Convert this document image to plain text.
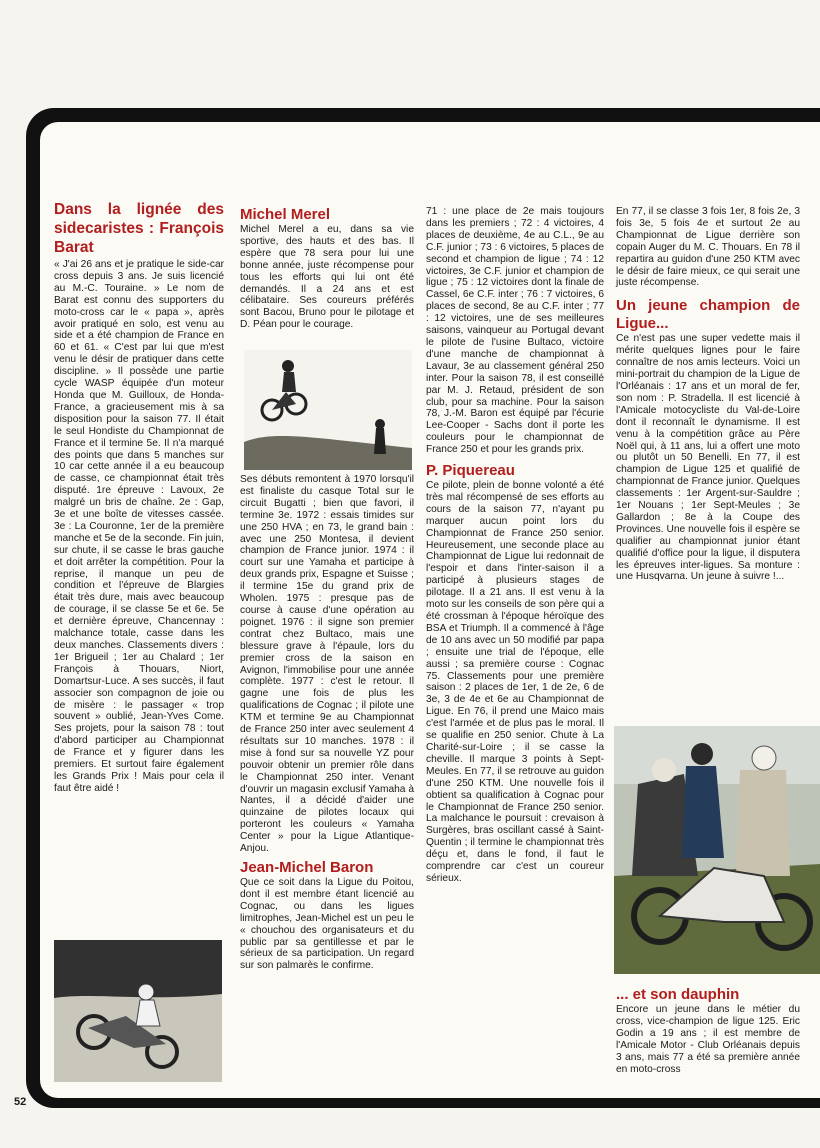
Dans la lignée des sidecaristes : François Barat

« J'ai 26 ans et je pratique le side-car cross depuis 3 ans. Je suis licencié au M.-C. Touraine. » Le nom de Barat est connu des supporters du moto-cross car le « papa », après avoir pratiqué en solo, est venu au side et a été champion de France en 60 et 61. « C'est par lui que m'est venu le désir de pratiquer dans cette discipline. » Il possède une partie cycle WASP équipée d'un moteur Honda que M. Guilloux, de Honda-France, a gracieusement mis à sa disposition pour la saison 77. Il était le seul Hondiste du Championnat de France et il termine 5e. Il n'a marqué des points que dans 5 manches sur 10 car cette année il a eu beaucoup de casse, ce championnat était très disputé. 1re épreuve : Lavoux, 2e malgré un bris de chaîne. 2e : Gap, 3e et une boîte de vitesses cassée. 3e : La Couronne, 1er de la première manche et 5e de la seconde. Fin juin, sur chute, il se casse le bras gauche et doit arrêter la compétition. Pour la reprise, il manque un peu de condition et l'épreuve de Blargies était très dure, mais avec beaucoup de courage, il se classe 5e et 6e. 5e et dernière épreuve, Chancennay : malchance totale, casse dans les deux manches. Classements divers : 1er Brigueil ; 1er au Chalard ; 1er François à Thouars, Niort, Domartsur-Luce. A ses succès, il faut associer son compagnon de joie ou de misère : le passager « trop souvent » oublié, Jean-Yves Come. Ses projets, pour la saison 78 : tout d'abord participer au Championnat de France et y figurer dans les premiers. Et surtout faire également les Grands Prix ! Mais pour cela il faut être aidé !

Michel Merel

Michel Merel a eu, dans sa vie sportive, des hauts et des bas. Il espère que 78 sera pour lui une bonne année, juste récompense pour tous les efforts qui lui ont été demandés. Il a 24 ans et est célibataire. Ses coureurs préférés sont Bacou, Bruno pour le pilotage et D. Péan pour le courage.

Ses débuts remontent à 1970 lorsqu'il est finaliste du casque Total sur le circuit Bugatti ; bien que favori, il termine 3e. 1972 : essais timides sur une 250 HVA ; en 73, le grand bain : avec une 250 Montesa, il devient champion de France junior. 1974 : il court sur une Yamaha et participe à deux grands prix, Espagne et Suisse ; il termine 15e du grand prix de Wholen. 1975 : presque pas de course à cause d'une opération au poignet. 1976 : il signe son premier contrat chez Bultaco, mais une blessure grave à l'épaule, lors du premier cross de la saison en Avignon, l'immobilise pour une année complète. 1977 : c'est le retour. Il gagne une fois de plus les qualifications de Cognac ; il pilote une KTM et termine 9e au Championnat de France 250 inter avec seulement 4 résultats sur 10 manches. 1978 : il mise à fond sur sa nouvelle YZ pour pouvoir obtenir un premier rôle dans le Championnat 250 inter. Venant d'ouvrir un magasin exclusif Yamaha à Nantes, il a décidé d'aider une quinzaine de pilotes locaux qui porteront les couleurs « Yamaha Center » pour la Ligue Atlantique-Anjou.

Jean-Michel Baron

Que ce soit dans la Ligue du Poitou, dont il est membre étant licencié au Cognac, ou dans les ligues limitrophes, Jean-Michel est un peu le « chouchou des organisateurs et du public par sa gentillesse et par le sérieux de sa participation. Un regard sur son palmarès le confirme.

71 : une place de 2e mais toujours dans les premiers ; 72 : 4 victoires, 4 places de deuxième, 4e au C.L., 9e au C.F. junior ; 73 : 6 victoires, 5 places de second et champion de ligue ; 74 : 12 victoires, 3e C.F. junior et champion de ligue ; 75 : 12 victoires dont la finale de Cassel, 6e C.F. inter ; 76 : 7 victoires, 6 places de second, 8e au C.F. inter ; 77 : 12 victoires, une de ses meilleures saisons, vainqueur au Portugal devant le pilote de l'usine Bultaco, victoire d'une manche de championnat à Lavaur, 3e au classement général 250 inter. Pour la saison 78, il est conseillé par M. J. Retaud, président de son club, pour sa machine. Pour la saison 78, J.-M. Baron est équipé par l'écurie Lee-Cooper - Sachs dont il porte les couleurs pour le championnat de France 250 et pour les grands prix.

P. Piquereau

Ce pilote, plein de bonne volonté a été très mal récompensé de ses efforts au cours de la saison 77, n'ayant pu marquer aucun point lors du Championnat de France 250 senior. Heureusement, une seconde place au Championnat de Ligue lui redonnait de l'espoir et dans l'inter-saison il a participé à plusieurs stages de pilotage. Il a 21 ans. Il est venu à la moto sur les conseils de son père qui a été crossman à l'époque héroïque des BSA et Triumph. Il a commencé à l'âge de 10 ans avec un 50 modifié par papa ; ensuite une trial de l'époque, elle aussi ; sa première course : Cognac 75. Classements pour une première saison : 2 places de 1er, 1 de 2e, 6 de 3e, 3 de 4e et 6e au Championnat de Ligue. En 76, il prend une Maico mais c'est l'armée et de plus pas le moral. Il se qualifie en 250 senior. Chute à La Charité-sur-Loire ; il se casse la cheville. Il marque 3 points à Sept-Meules. En 77, il se retrouve au guidon d'une 250 KTM. Une nouvelle fois il obtient sa qualification à Cognac pour le Championnat de France 250 senior. La malchance le poursuit : crevaison à Surgères, bras oscillant cassé à Saint-Quentin ; il termine le championnat très déçu et, dans le fond, il faut le comprendre car c'est un coureur sérieux.

En 77, il se classe 3 fois 1er, 8 fois 2e, 3 fois 3e, 5 fois 4e et surtout 2e au Championnat de Ligue derrière son copain Auger du M. C. Thouars. En 78 il repartira au guidon d'une 250 KTM avec le désir de faire mieux, ce qui serait une juste récompense.

Un jeune champion de Ligue...

Ce n'est pas une super vedette mais il mérite quelques lignes pour le faire connaître de nos amis lecteurs. Voici un mini-portrait du champion de la Ligue de l'Orléanais : 17 ans et un moral de fer, son nom : P. Stradella. Il est licencié à l'Amicale motocycliste du Val-de-Loire dont il reconnaît le dynamisme. Il est venu à la compétition grâce au Père Noël qui, à 11 ans, lui a offert une moto ou plutôt un 50 Benelli. En 77, il est champion de Ligue 125 et qualifié de championnat de France junior. Quelques classements : 1er Argent-sur-Sauldre ; 1er Nouans ; 1er Sept-Meules ; 3e Gallardon ; 8e à la Coupe des Provinces. Une nouvelle fois il espère se qualifier au championnat junior étant qualifié d'office pour la ligue, il disputera les épreuves inter-ligues. Sa monture : une Husqvarna. Un jeune à suivre !...

... et son dauphin

Encore un jeune dans le métier du cross, vice-champion de ligue 125. Eric Godin a 19 ans ; il est membre de l'Amicale Motor - Club Orléanais depuis 3 ans, mais 77 a été sa première année en moto-cross

52
